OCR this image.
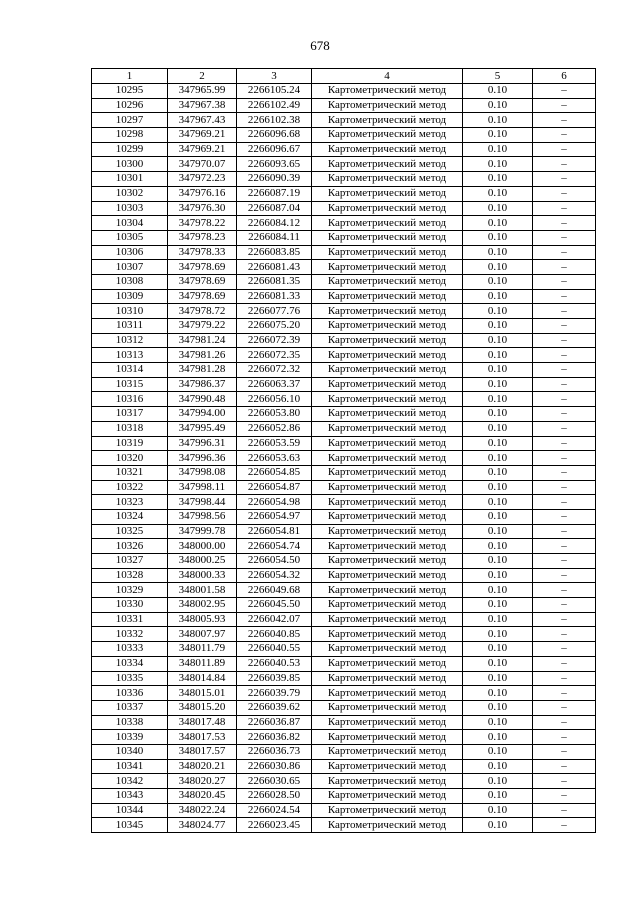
678
1	2	3	4	5	6
10295	347965.99	2266105.24	Картометрический метод	0.10	–
10296	347967.38	2266102.49	Картометрический метод	0.10	–
10297	347967.43	2266102.38	Картометрический метод	0.10	–
10298	347969.21	2266096.68	Картометрический метод	0.10	–
10299	347969.21	2266096.67	Картометрический метод	0.10	–
10300	347970.07	2266093.65	Картометрический метод	0.10	–
10301	347972.23	2266090.39	Картометрический метод	0.10	–
10302	347976.16	2266087.19	Картометрический метод	0.10	–
10303	347976.30	2266087.04	Картометрический метод	0.10	–
10304	347978.22	2266084.12	Картометрический метод	0.10	–
10305	347978.23	2266084.11	Картометрический метод	0.10	–
10306	347978.33	2266083.85	Картометрический метод	0.10	–
10307	347978.69	2266081.43	Картометрический метод	0.10	–
10308	347978.69	2266081.35	Картометрический метод	0.10	–
10309	347978.69	2266081.33	Картометрический метод	0.10	–
10310	347978.72	2266077.76	Картометрический метод	0.10	–
10311	347979.22	2266075.20	Картометрический метод	0.10	–
10312	347981.24	2266072.39	Картометрический метод	0.10	–
10313	347981.26	2266072.35	Картометрический метод	0.10	–
10314	347981.28	2266072.32	Картометрический метод	0.10	–
10315	347986.37	2266063.37	Картометрический метод	0.10	–
10316	347990.48	2266056.10	Картометрический метод	0.10	–
10317	347994.00	2266053.80	Картометрический метод	0.10	–
10318	347995.49	2266052.86	Картометрический метод	0.10	–
10319	347996.31	2266053.59	Картометрический метод	0.10	–
10320	347996.36	2266053.63	Картометрический метод	0.10	–
10321	347998.08	2266054.85	Картометрический метод	0.10	–
10322	347998.11	2266054.87	Картометрический метод	0.10	–
10323	347998.44	2266054.98	Картометрический метод	0.10	–
10324	347998.56	2266054.97	Картометрический метод	0.10	–
10325	347999.78	2266054.81	Картометрический метод	0.10	–
10326	348000.00	2266054.74	Картометрический метод	0.10	–
10327	348000.25	2266054.50	Картометрический метод	0.10	–
10328	348000.33	2266054.32	Картометрический метод	0.10	–
10329	348001.58	2266049.68	Картометрический метод	0.10	–
10330	348002.95	2266045.50	Картометрический метод	0.10	–
10331	348005.93	2266042.07	Картометрический метод	0.10	–
10332	348007.97	2266040.85	Картометрический метод	0.10	–
10333	348011.79	2266040.55	Картометрический метод	0.10	–
10334	348011.89	2266040.53	Картометрический метод	0.10	–
10335	348014.84	2266039.85	Картометрический метод	0.10	–
10336	348015.01	2266039.79	Картометрический метод	0.10	–
10337	348015.20	2266039.62	Картометрический метод	0.10	–
10338	348017.48	2266036.87	Картометрический метод	0.10	–
10339	348017.53	2266036.82	Картометрический метод	0.10	–
10340	348017.57	2266036.73	Картометрический метод	0.10	–
10341	348020.21	2266030.86	Картометрический метод	0.10	–
10342	348020.27	2266030.65	Картометрический метод	0.10	–
10343	348020.45	2266028.50	Картометрический метод	0.10	–
10344	348022.24	2266024.54	Картометрический метод	0.10	–
10345	348024.77	2266023.45	Картометрический метод	0.10	–
